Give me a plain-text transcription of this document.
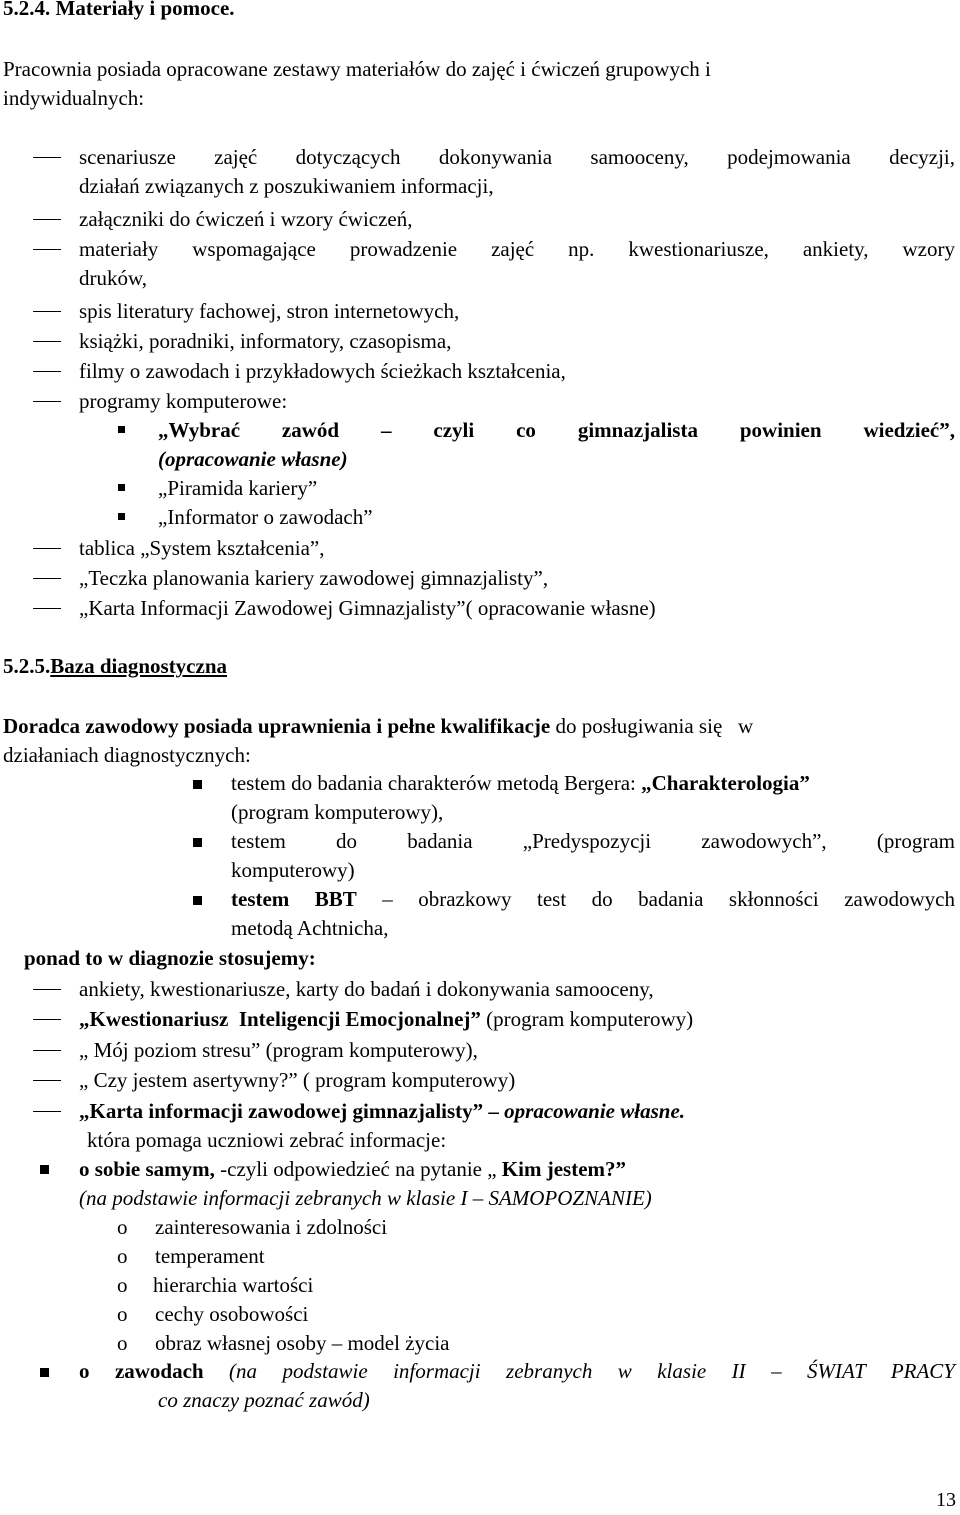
5.2.4. Materiały i pomoce.
Pracownia posiada opracowane zestawy materiałów do zajęć i ćwiczeń grupowych i
indywidualnych:
scenariusze zajęć dotyczących dokonywania samooceny, podejmowania decyzji,
działań związanych z poszukiwaniem informacji,
załączniki do ćwiczeń i wzory ćwiczeń,
materiały wspomagające prowadzenie zajęć np. kwestionariusze, ankiety, wzory
druków,
spis literatury fachowej, stron internetowych,
książki, poradniki, informatory, czasopisma,
filmy o zawodach i przykładowych ścieżkach kształcenia,
programy komputerowe:
„Wybrać zawód – czyli co gimnazjalista powinien wiedzieć”,
(opracowanie własne)
„Piramida kariery”
„Informator o zawodach”
tablica „System kształcenia”,
„Teczka planowania kariery zawodowej gimnazjalisty”,
„Karta Informacji Zawodowej Gimnazjalisty”( opracowanie własne)
5.2.5.Baza diagnostyczna
Doradca zawodowy posiada uprawnienia i pełne kwalifikacje do posługiwania się   w
działaniach diagnostycznych:
testem do badania charakterów metodą Bergera: „Charakterologia”
(program komputerowy),
testem do badania „Predyspozycji zawodowych”, (program
komputerowy)
testem BBT – obrazkowy test do badania skłonności zawodowych
metodą Achtnicha,
ponad to w diagnozie stosujemy:
ankiety, kwestionariusze, karty do badań i dokonywania samooceny,
„Kwestionariusz  Inteligencji Emocjonalnej” (program komputerowy)
„ Mój poziom stresu” (program komputerowy),
„ Czy jestem asertywny?” ( program komputerowy)
„Karta informacji zawodowej gimnazjalisty” – opracowanie własne.
która pomaga uczniowi zebrać informacje:
o sobie samym, -czyli odpowiedzieć na pytanie „ Kim jestem?”
(na podstawie informacji zebranych w klasie I – SAMOPOZNANIE)
o zainteresowania i zdolności
o temperament
o hierarchia wartości
o cechy osobowości
o obraz własnej osoby – model życia
o zawodach (na podstawie informacji zebranych w klasie II – ŚWIAT PRACY
co znaczy poznać zawód)
13
